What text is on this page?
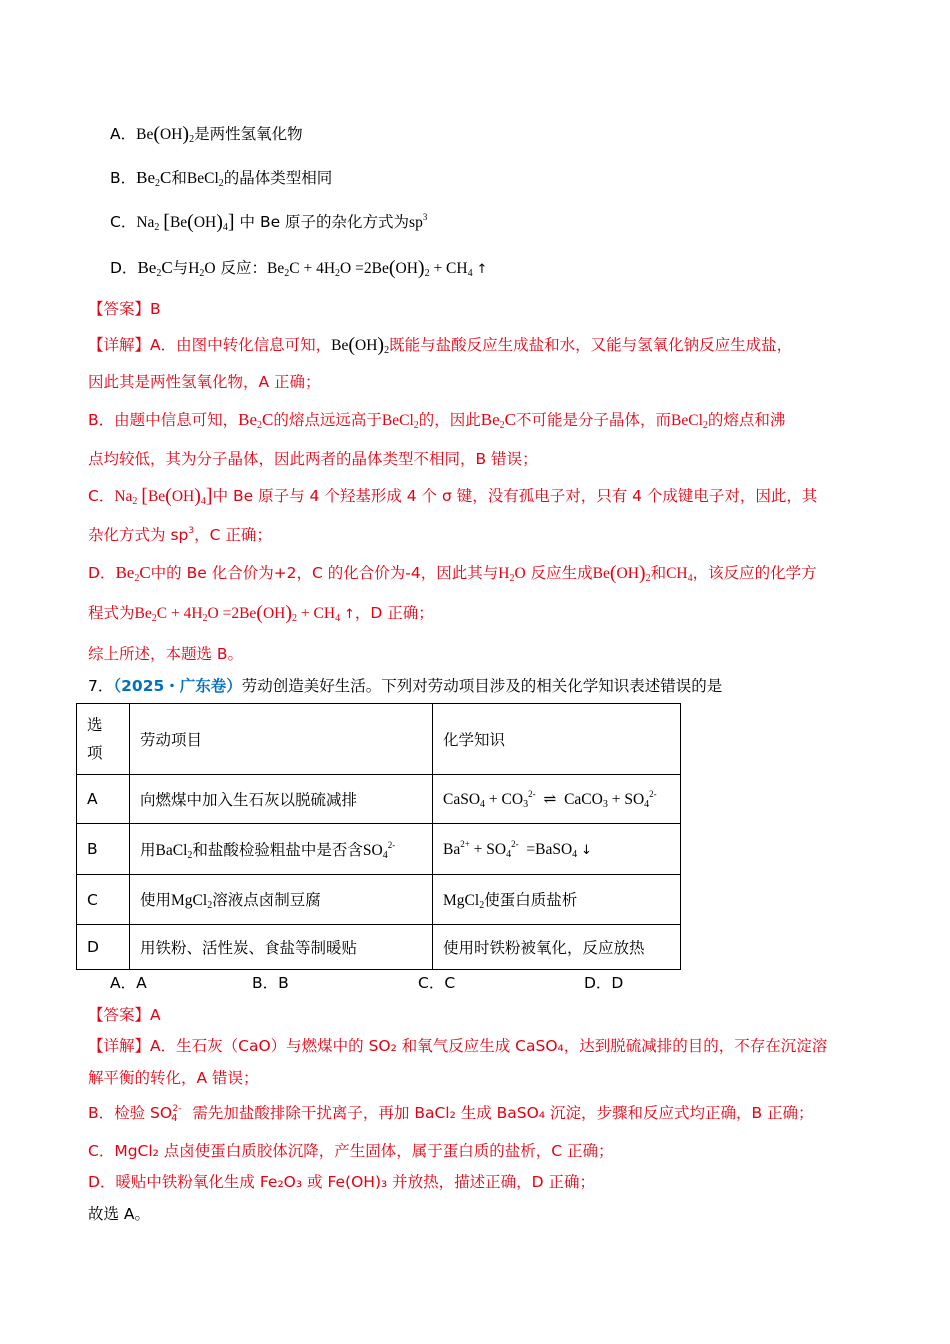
A．$Be(OH)_2$是两性氢氧化物
B．$Be_2C$和BeCl$_2$的晶体类型相同
C．$Na_2$ $[Be(OH)_4]$ 中 Be 原子的杂化方式为$sp^3$
D．$Be_2C$与$H_2O$ 反应：$Be_2C + 4H_2O =2Be(OH)_2 + CH_4$ ↑
【答案】B
【详解】A．由图中转化信息可知，$Be(OH)_2$既能与盐酸反应生成盐和水，又能与氢氧化钠反应生成盐，
因此其是两性氢氧化物，A 正确；
B．由题中信息可知，$Be_2C$的熔点远远高于BeCl$_2$的，因此$Be_2C$不可能是分子晶体，而BeCl$_2$的熔点和沸
点均较低，其为分子晶体，因此两者的晶体类型不相同，B 错误；
C．$Na_2$ $[Be(OH)_4]$中 Be 原子与 4 个羟基形成 4 个 σ 键，没有孤电子对，只有 4 个成键电子对，因此，其
杂化方式为 $sp^3$，C 正确；
D．$Be_2C$中的 Be 化合价为+2，C 的化合价为-4，因此其与$H_2O$ 反应生成$Be(OH)_2$和$CH_4$，该反应的化学方
程式为$Be_2C + 4H_2O =2Be(OH)_2 + CH_4$ ↑，D 正确；
综上所述，本题选 B。
7．（2025・广东卷）劳动创造美好生活。下列对劳动项目涉及的相关化学知识表述错误的是
选
项	劳动项目	化学知识
A	向燃煤中加入生石灰以脱硫减排	CaSO$_4$ + $CO_3^{2-}$  ⇌  CaCO$_3$ + $SO_4^{2-}$
B	用BaCl$_2$和盐酸检验粗盐中是否含$SO_4^{2-}$	$Ba^{2+} + SO_4^{2-}$  =BaSO$_4$ ↓
C	使用MgCl$_2$溶液点卤制豆腐	MgCl$_2$使蛋白质盐析
D	用铁粉、活性炭、食盐等制暖贴	使用时铁粉被氧化，反应放热
A．A	B．B	C．C	D．D
【答案】A
【详解】A．生石灰（CaO）与燃煤中的 SO₂ 和氧气反应生成 CaSO₄，达到脱硫减排的目的，不存在沉淀溶
解平衡的转化，A 错误；
B．检验 $SO_4^{2-}$ 需先加盐酸排除干扰离子，再加 BaCl₂ 生成 BaSO₄ 沉淀，步骤和反应式均正确，B 正确；
C．MgCl₂ 点卤使蛋白质胶体沉降，产生固体，属于蛋白质的盐析，C 正确；
D．暖贴中铁粉氧化生成 Fe₂O₃ 或 Fe(OH)₃ 并放热，描述正确，D 正确；
故选 A。
